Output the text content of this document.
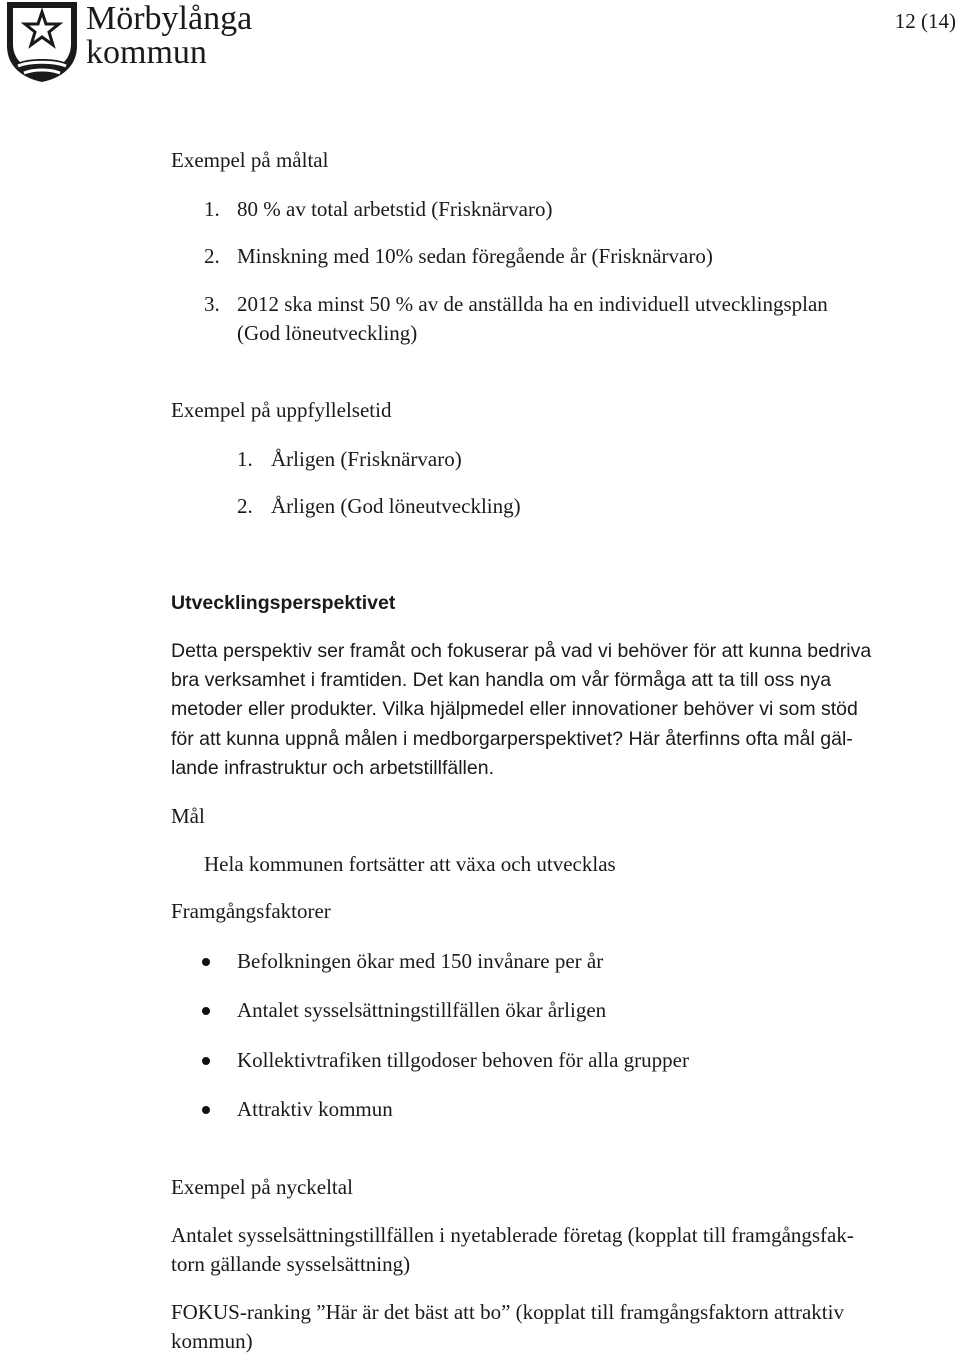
Mörbylånga
kommun
12 (14)
Exempel på måltal
1. 80 % av total arbetstid (Frisknärvaro)
2. Minskning med 10% sedan föregående år (Frisknärvaro)
3. 2012 ska minst 50 % av de anställda ha en individuell utvecklingsplan
(God löneutveckling)
Exempel på uppfyllelsetid
1. Årligen (Frisknärvaro)
2. Årligen (God löneutveckling)
Utvecklingsperspektivet
Detta perspektiv ser framåt och fokuserar på vad vi behöver för att kunna bedriva
bra verksamhet i framtiden. Det kan handla om vår förmåga att ta till oss nya
metoder eller produkter. Vilka hjälpmedel eller innovationer behöver vi som stöd
för att kunna uppnå målen i medborgarperspektivet? Här återfinns ofta mål gäl-
lande infrastruktur och arbetstillfällen.
Mål
Hela kommunen fortsätter att växa och utvecklas
Framgångsfaktorer
Befolkningen ökar med 150 invånare per år
Antalet sysselsättningstillfällen ökar årligen
Kollektivtrafiken tillgodoser behoven för alla grupper
Attraktiv kommun
Exempel på nyckeltal
Antalet sysselsättningstillfällen i nyetablerade företag (kopplat till framgångsfak-
torn gällande sysselsättning)
FOKUS-ranking ”Här är det bäst att bo” (kopplat till framgångsfaktorn attraktiv
kommun)
